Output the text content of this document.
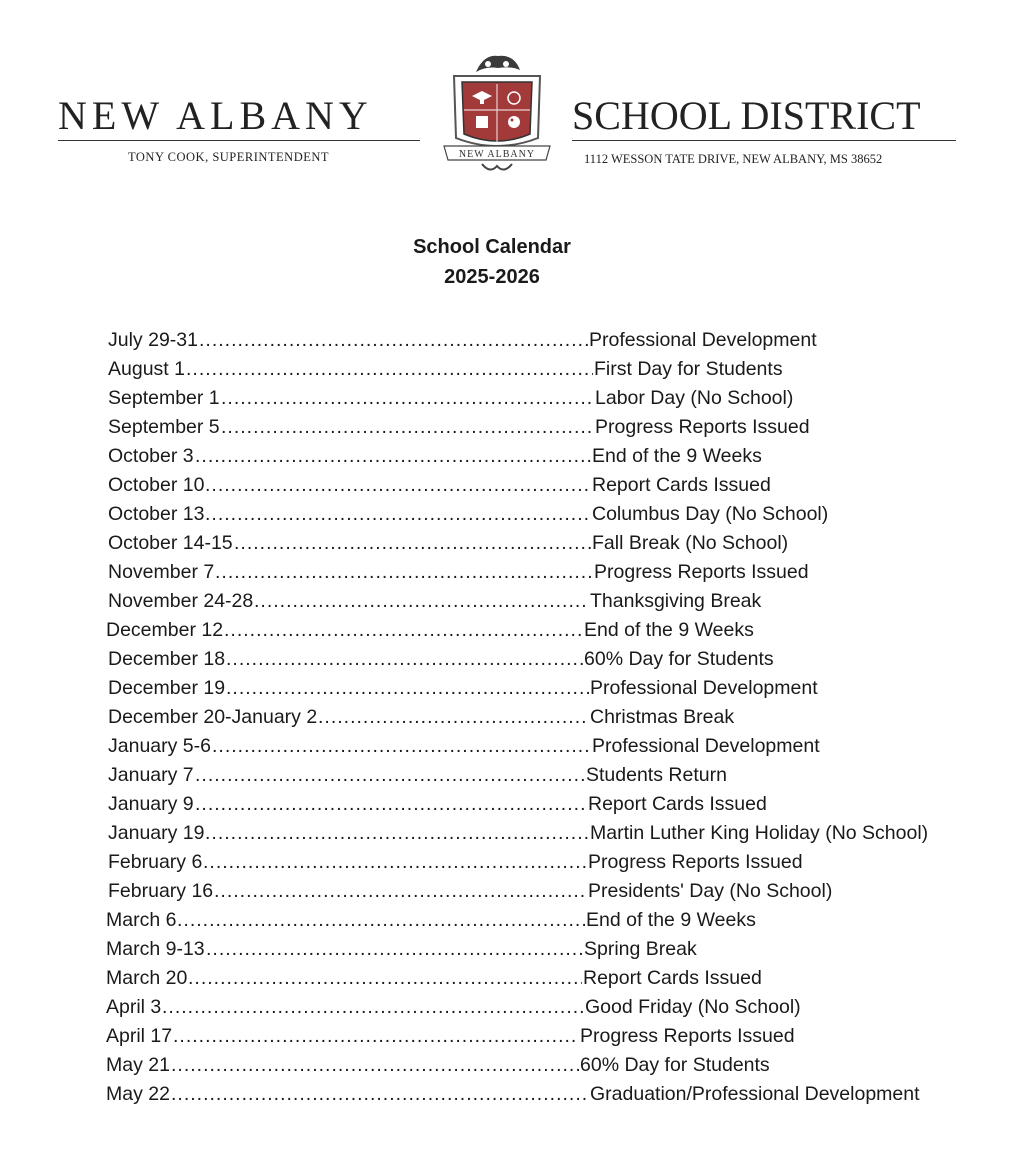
NEW ALBANY
TONY COOK, SUPERINTENDENT	NEW ALBANY
SCHOOL DISTRICT
1112 WESSON TATE DRIVE, NEW ALBANY, MS 38652
School Calendar
2025-2026
July 29-31 .....	Professional Development
August 1 .....	First Day for Students
September 1 .....	Labor Day (No School)
September 5 .....	Progress Reports Issued
October 3 .....	End of the 9 Weeks
October 10 .....	Report Cards Issued
October 13 .....	Columbus Day (No School)
October 14-15 .....	Fall Break (No School)
November 7 .....	Progress Reports Issued
November 24-28 .....	Thanksgiving Break
December 12 .....	End of the 9 Weeks
December 18 .....	60% Day for Students
December 19 .....	Professional Development
December 20-January 2 .....	Christmas Break
January 5-6 .....	Professional Development
January 7 .....	Students Return
January 9 .....	Report Cards Issued
January 19 .....	Martin Luther King Holiday (No School)
February 6 .....	Progress Reports Issued
February 16 .....	Presidents' Day (No School)
March 6 .....	End of the 9 Weeks
March 9-13 .....	Spring Break
March 20 .....	Report Cards Issued
April 3 .....	Good Friday (No School)
April 17 .....	Progress Reports Issued
May 21 .....	60% Day for Students
May 22 .....	Graduation/Professional Development
